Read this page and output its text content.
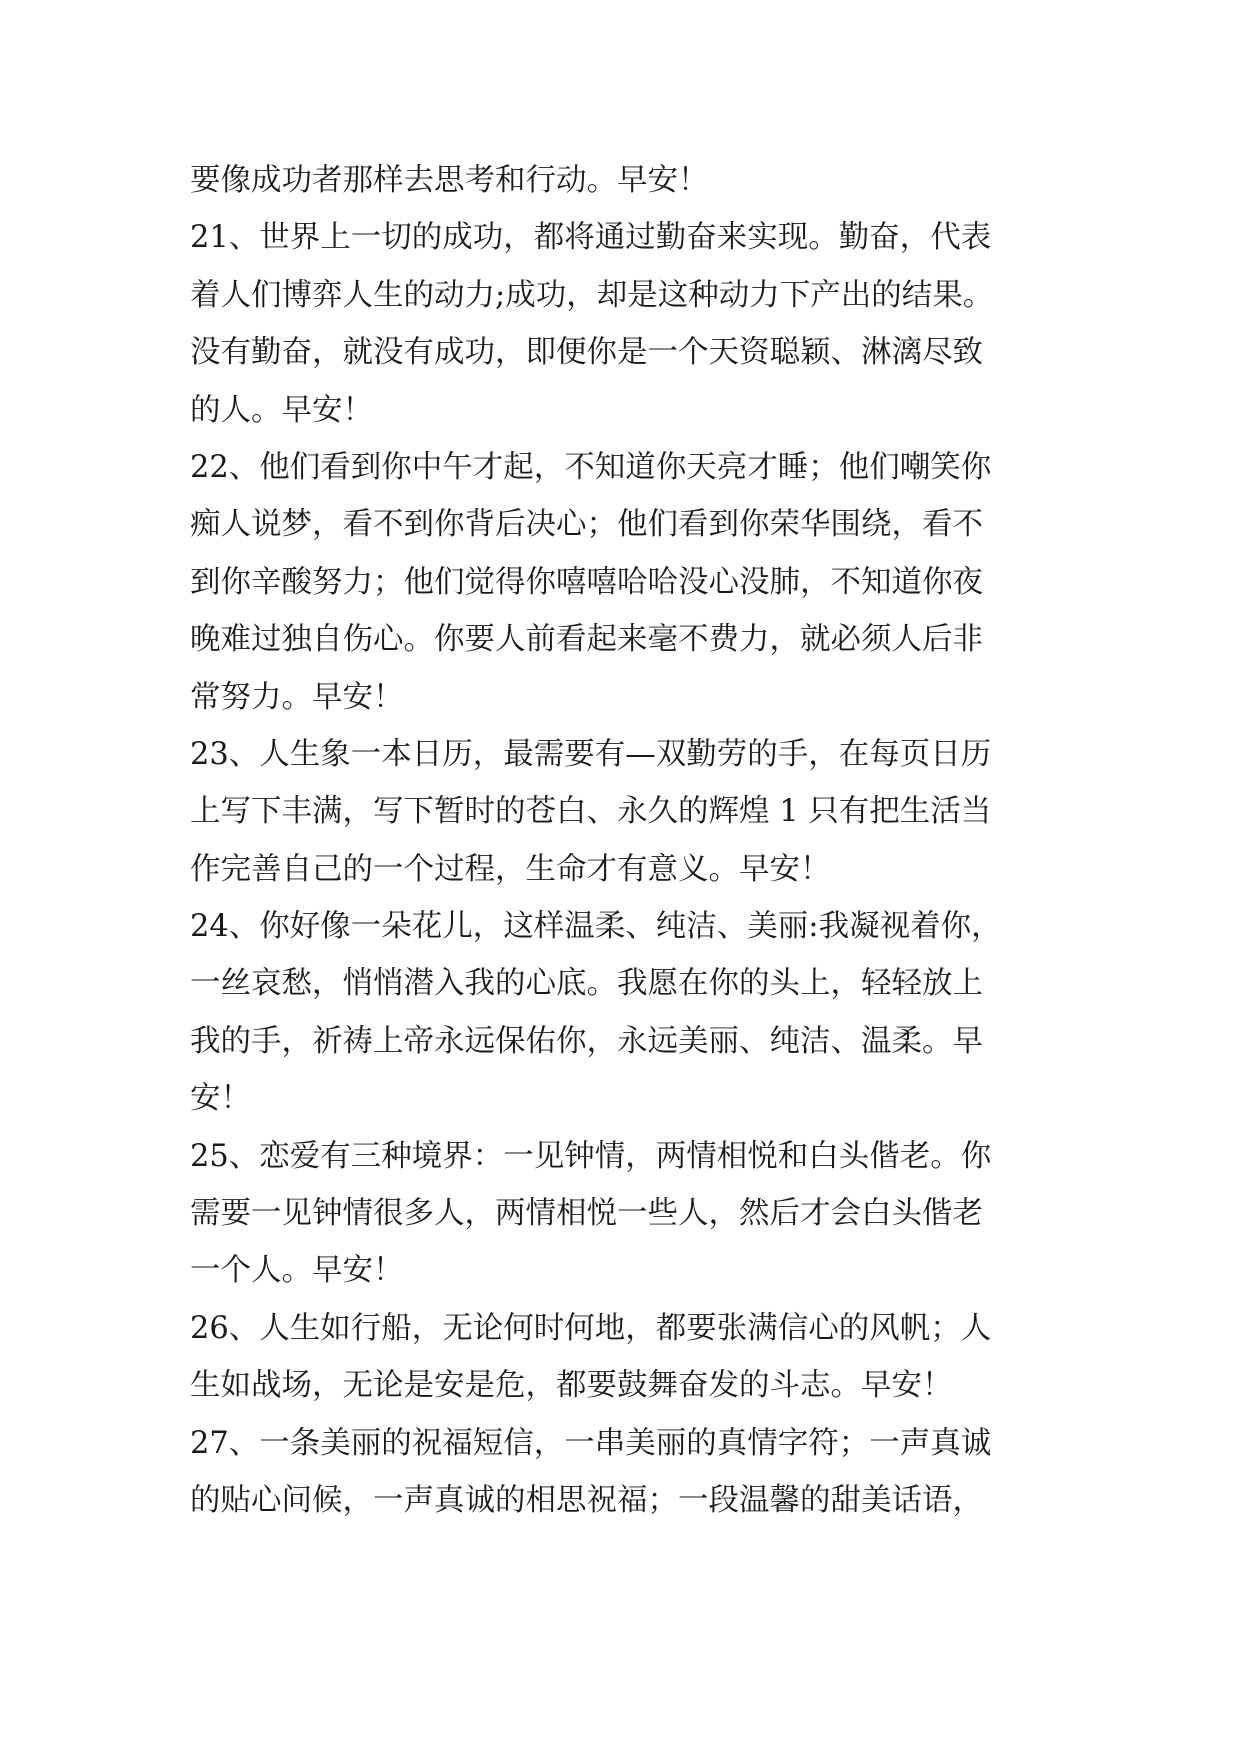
要像成功者那样去思考和行动。早安！
21、世界上一切的成功，都将通过勤奋来实现。勤奋，代表
着人们博弈人生的动力;成功，却是这种动力下产出的结果。
没有勤奋，就没有成功，即便你是一个天资聪颖、淋漓尽致
的人。早安！
22、他们看到你中午才起，不知道你天亮才睡；他们嘲笑你
痴人说梦，看不到你背后决心；他们看到你荣华围绕，看不
到你辛酸努力；他们觉得你嘻嘻哈哈没心没肺，不知道你夜
晚难过独自伤心。你要人前看起来毫不费力，就必须人后非
常努力。早安！
23、人生象一本日历，最需要有—双勤劳的手，在每页日历
上写下丰满，写下暂时的苍白、永久的辉煌 1 只有把生活当
作完善自己的一个过程，生命才有意义。早安！
24、你好像一朵花儿，这样温柔、纯洁、美丽:我凝视着你，
一丝哀愁，悄悄潜入我的心底。我愿在你的头上，轻轻放上
我的手，祈祷上帝永远保佑你，永远美丽、纯洁、温柔。早
安！
25、恋爱有三种境界：一见钟情，两情相悦和白头偕老。你
需要一见钟情很多人，两情相悦一些人，然后才会白头偕老
一个人。早安！
26、人生如行船，无论何时何地，都要张满信心的风帆；人
生如战场，无论是安是危，都要鼓舞奋发的斗志。早安！
27、一条美丽的祝福短信，一串美丽的真情字符；一声真诚
的贴心问候，一声真诚的相思祝福；一段温馨的甜美话语，
